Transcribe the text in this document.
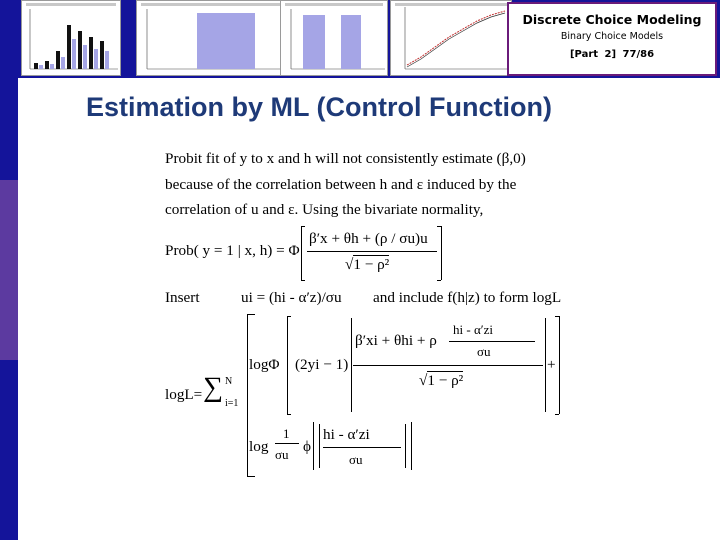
Discrete Choice Modeling
Binary Choice Models
[Part 2] 77/86
Estimation by ML (Control Function)
Probit fit of y to x and h will not consistently estimate (β,0)
because of the correlation between h and ε induced by the
correlation of u and ε. Using the bivariate normality,
Prob( y = 1 | x, h) = Φ
β′x + θh + (ρ / σu)u
√1 − ρ²
Insert	ui = (hi - α′z)/σu and include f(h|z) to form logL
logL= ∑ N
i=1
logΦ (2yi − 1)
β′xi + θhi + ρ
hi - α′zi
σu
√1 − ρ²
+
log
1
σu ϕ
hi - α′zi
σu
